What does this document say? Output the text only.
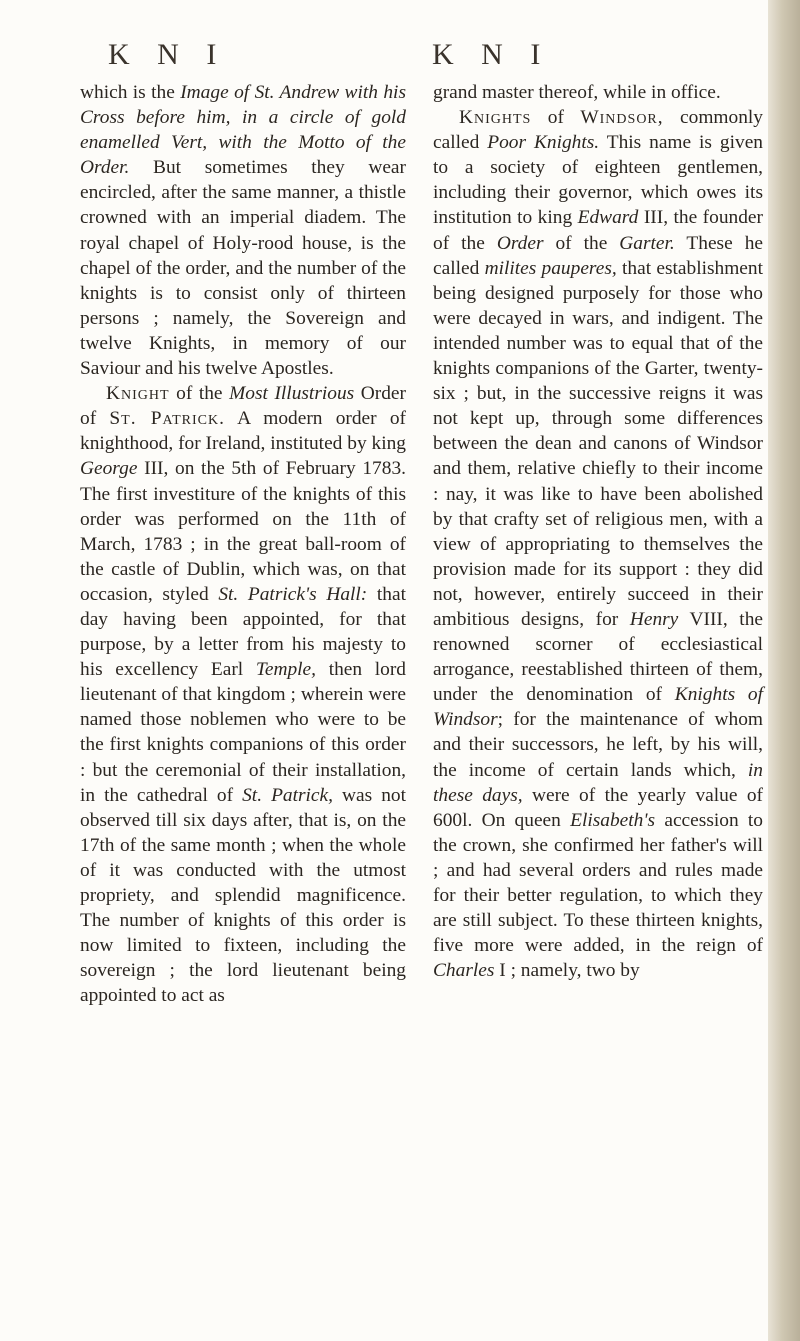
K N I	K N I

which is the Image of St. Andrew with his Cross before him, in a circle of gold enamelled Vert, with the Motto of the Order. But sometimes they wear encircled, after the same manner, a thistle crowned with an imperial diadem. The royal chapel of Holy-rood house, is the chapel of the order, and the number of the knights is to consist only of thirteen persons ; namely, the Sovereign and twelve Knights, in memory of our Saviour and his twelve Apostles.

Knight of the Most Illustrious Order of St. Patrick. A modern order of knighthood, for Ireland, instituted by king George III, on the 5th of February 1783. The first investiture of the knights of this order was performed on the 11th of March, 1783 ; in the great ball-room of the castle of Dublin, which was, on that occasion, styled St. Patrick's Hall: that day having been appointed, for that purpose, by a letter from his majesty to his excellency Earl Temple, then lord lieutenant of that kingdom ; wherein were named those noblemen who were to be the first knights companions of this order : but the ceremonial of their installation, in the cathedral of St. Patrick, was not observed till six days after, that is, on the 17th of the same month ; when the whole of it was conducted with the utmost propriety, and splendid magnificence. The number of knights of this order is now limited to fixteen, including the sovereign ; the lord lieutenant being appointed to act as

grand master thereof, while in office.

Knights of Windsor, commonly called Poor Knights. This name is given to a society of eighteen gentlemen, including their governor, which owes its institution to king Edward III, the founder of the Order of the Garter. These he called milites pauperes, that establishment being designed purposely for those who were decayed in wars, and indigent. The intended number was to equal that of the knights companions of the Garter, twenty-six ; but, in the successive reigns it was not kept up, through some differences between the dean and canons of Windsor and them, relative chiefly to their income : nay, it was like to have been abolished by that crafty set of religious men, with a view of appropriating to themselves the provision made for its support : they did not, however, entirely succeed in their ambitious designs, for Henry VIII, the renowned scorner of ecclesiastical arrogance, reestablished thirteen of them, under the denomination of Knights of Windsor; for the maintenance of whom and their successors, he left, by his will, the income of certain lands which, in these days, were of the yearly value of 600l. On queen Elisabeth's accession to the crown, she confirmed her father's will ; and had several orders and rules made for their better regulation, to which they are still subject. To these thirteen knights, five more were added, in the reign of Charles I ; namely, two by
